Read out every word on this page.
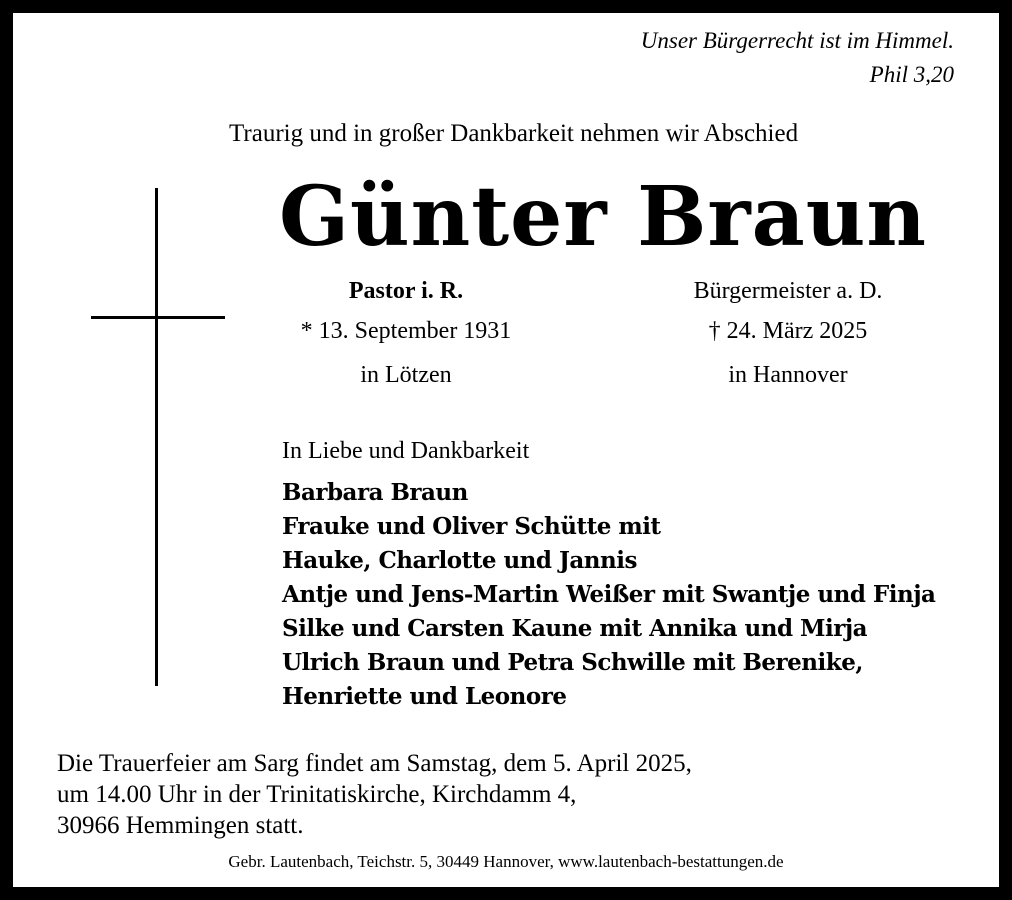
Unser Bürgerrecht ist im Himmel.
Phil 3,20
Traurig und in großer Dankbarkeit nehmen wir Abschied
Günter Braun
Pastor i. R.	Bürgermeister a. D.
* 13. September 1931	† 24. März 2025
in Lötzen	in Hannover
In Liebe und Dankbarkeit
Barbara Braun
Frauke und Oliver Schütte mit
Hauke, Charlotte und Jannis
Antje und Jens-Martin Weißer mit Swantje und Finja
Silke und Carsten Kaune mit Annika und Mirja
Ulrich Braun und Petra Schwille mit Berenike,
Henriette und Leonore
Die Trauerfeier am Sarg findet am Samstag, dem 5. April 2025,
um 14.00 Uhr in der Trinitatiskirche, Kirchdamm 4,
30966 Hemmingen statt.
Gebr. Lautenbach, Teichstr. 5, 30449 Hannover, www.lautenbach-bestattungen.de
